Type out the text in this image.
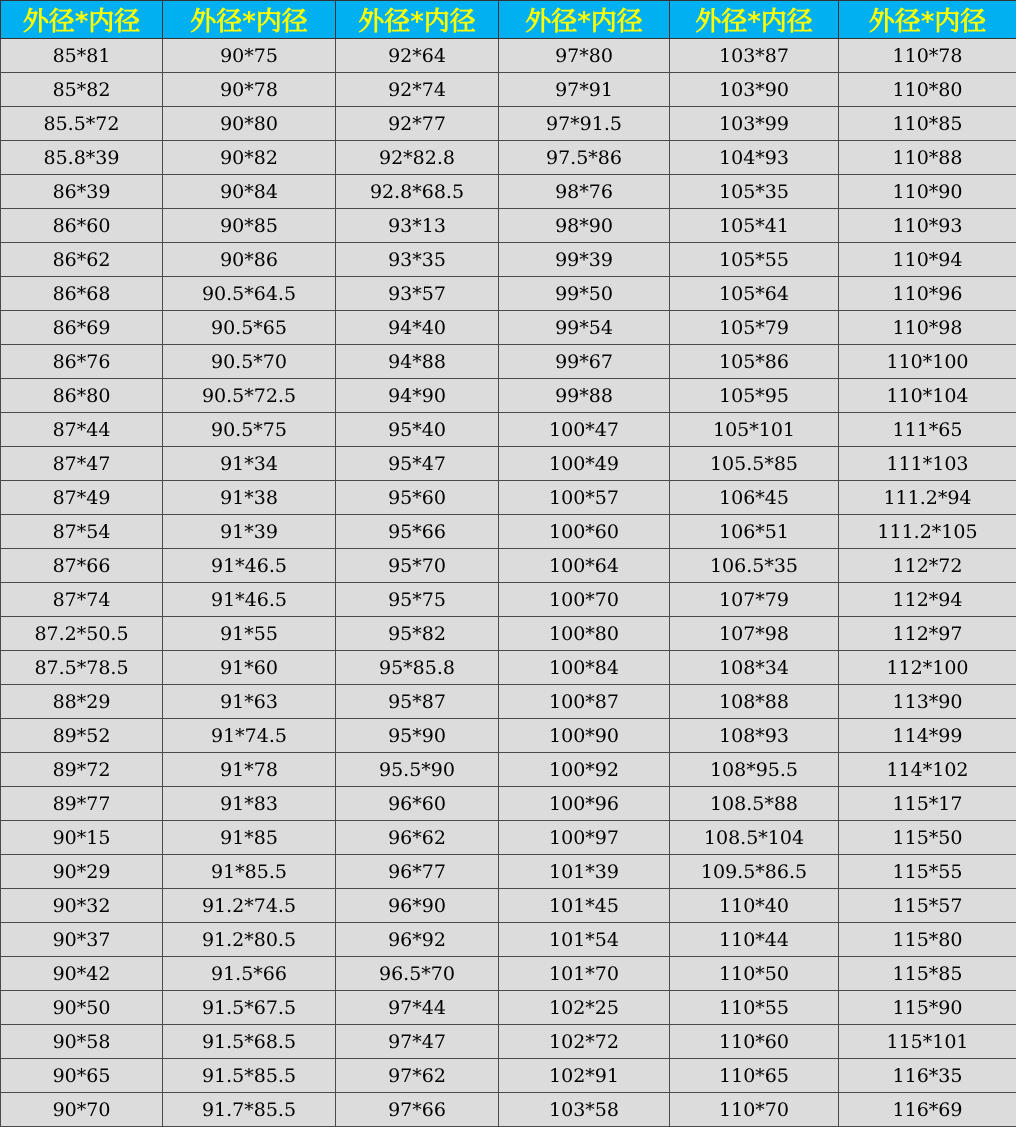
外径*内径	外径*内径	外径*内径	外径*内径	外径*内径	外径*内径
85*81	90*75	92*64	97*80	103*87	110*78
85*82	90*78	92*74	97*91	103*90	110*80
85.5*72	90*80	92*77	97*91.5	103*99	110*85
85.8*39	90*82	92*82.8	97.5*86	104*93	110*88
86*39	90*84	92.8*68.5	98*76	105*35	110*90
86*60	90*85	93*13	98*90	105*41	110*93
86*62	90*86	93*35	99*39	105*55	110*94
86*68	90.5*64.5	93*57	99*50	105*64	110*96
86*69	90.5*65	94*40	99*54	105*79	110*98
86*76	90.5*70	94*88	99*67	105*86	110*100
86*80	90.5*72.5	94*90	99*88	105*95	110*104
87*44	90.5*75	95*40	100*47	105*101	111*65
87*47	91*34	95*47	100*49	105.5*85	111*103
87*49	91*38	95*60	100*57	106*45	111.2*94
87*54	91*39	95*66	100*60	106*51	111.2*105
87*66	91*46.5	95*70	100*64	106.5*35	112*72
87*74	91*46.5	95*75	100*70	107*79	112*94
87.2*50.5	91*55	95*82	100*80	107*98	112*97
87.5*78.5	91*60	95*85.8	100*84	108*34	112*100
88*29	91*63	95*87	100*87	108*88	113*90
89*52	91*74.5	95*90	100*90	108*93	114*99
89*72	91*78	95.5*90	100*92	108*95.5	114*102
89*77	91*83	96*60	100*96	108.5*88	115*17
90*15	91*85	96*62	100*97	108.5*104	115*50
90*29	91*85.5	96*77	101*39	109.5*86.5	115*55
90*32	91.2*74.5	96*90	101*45	110*40	115*57
90*37	91.2*80.5	96*92	101*54	110*44	115*80
90*42	91.5*66	96.5*70	101*70	110*50	115*85
90*50	91.5*67.5	97*44	102*25	110*55	115*90
90*58	91.5*68.5	97*47	102*72	110*60	115*101
90*65	91.5*85.5	97*62	102*91	110*65	116*35
90*70	91.7*85.5	97*66	103*58	110*70	116*69
